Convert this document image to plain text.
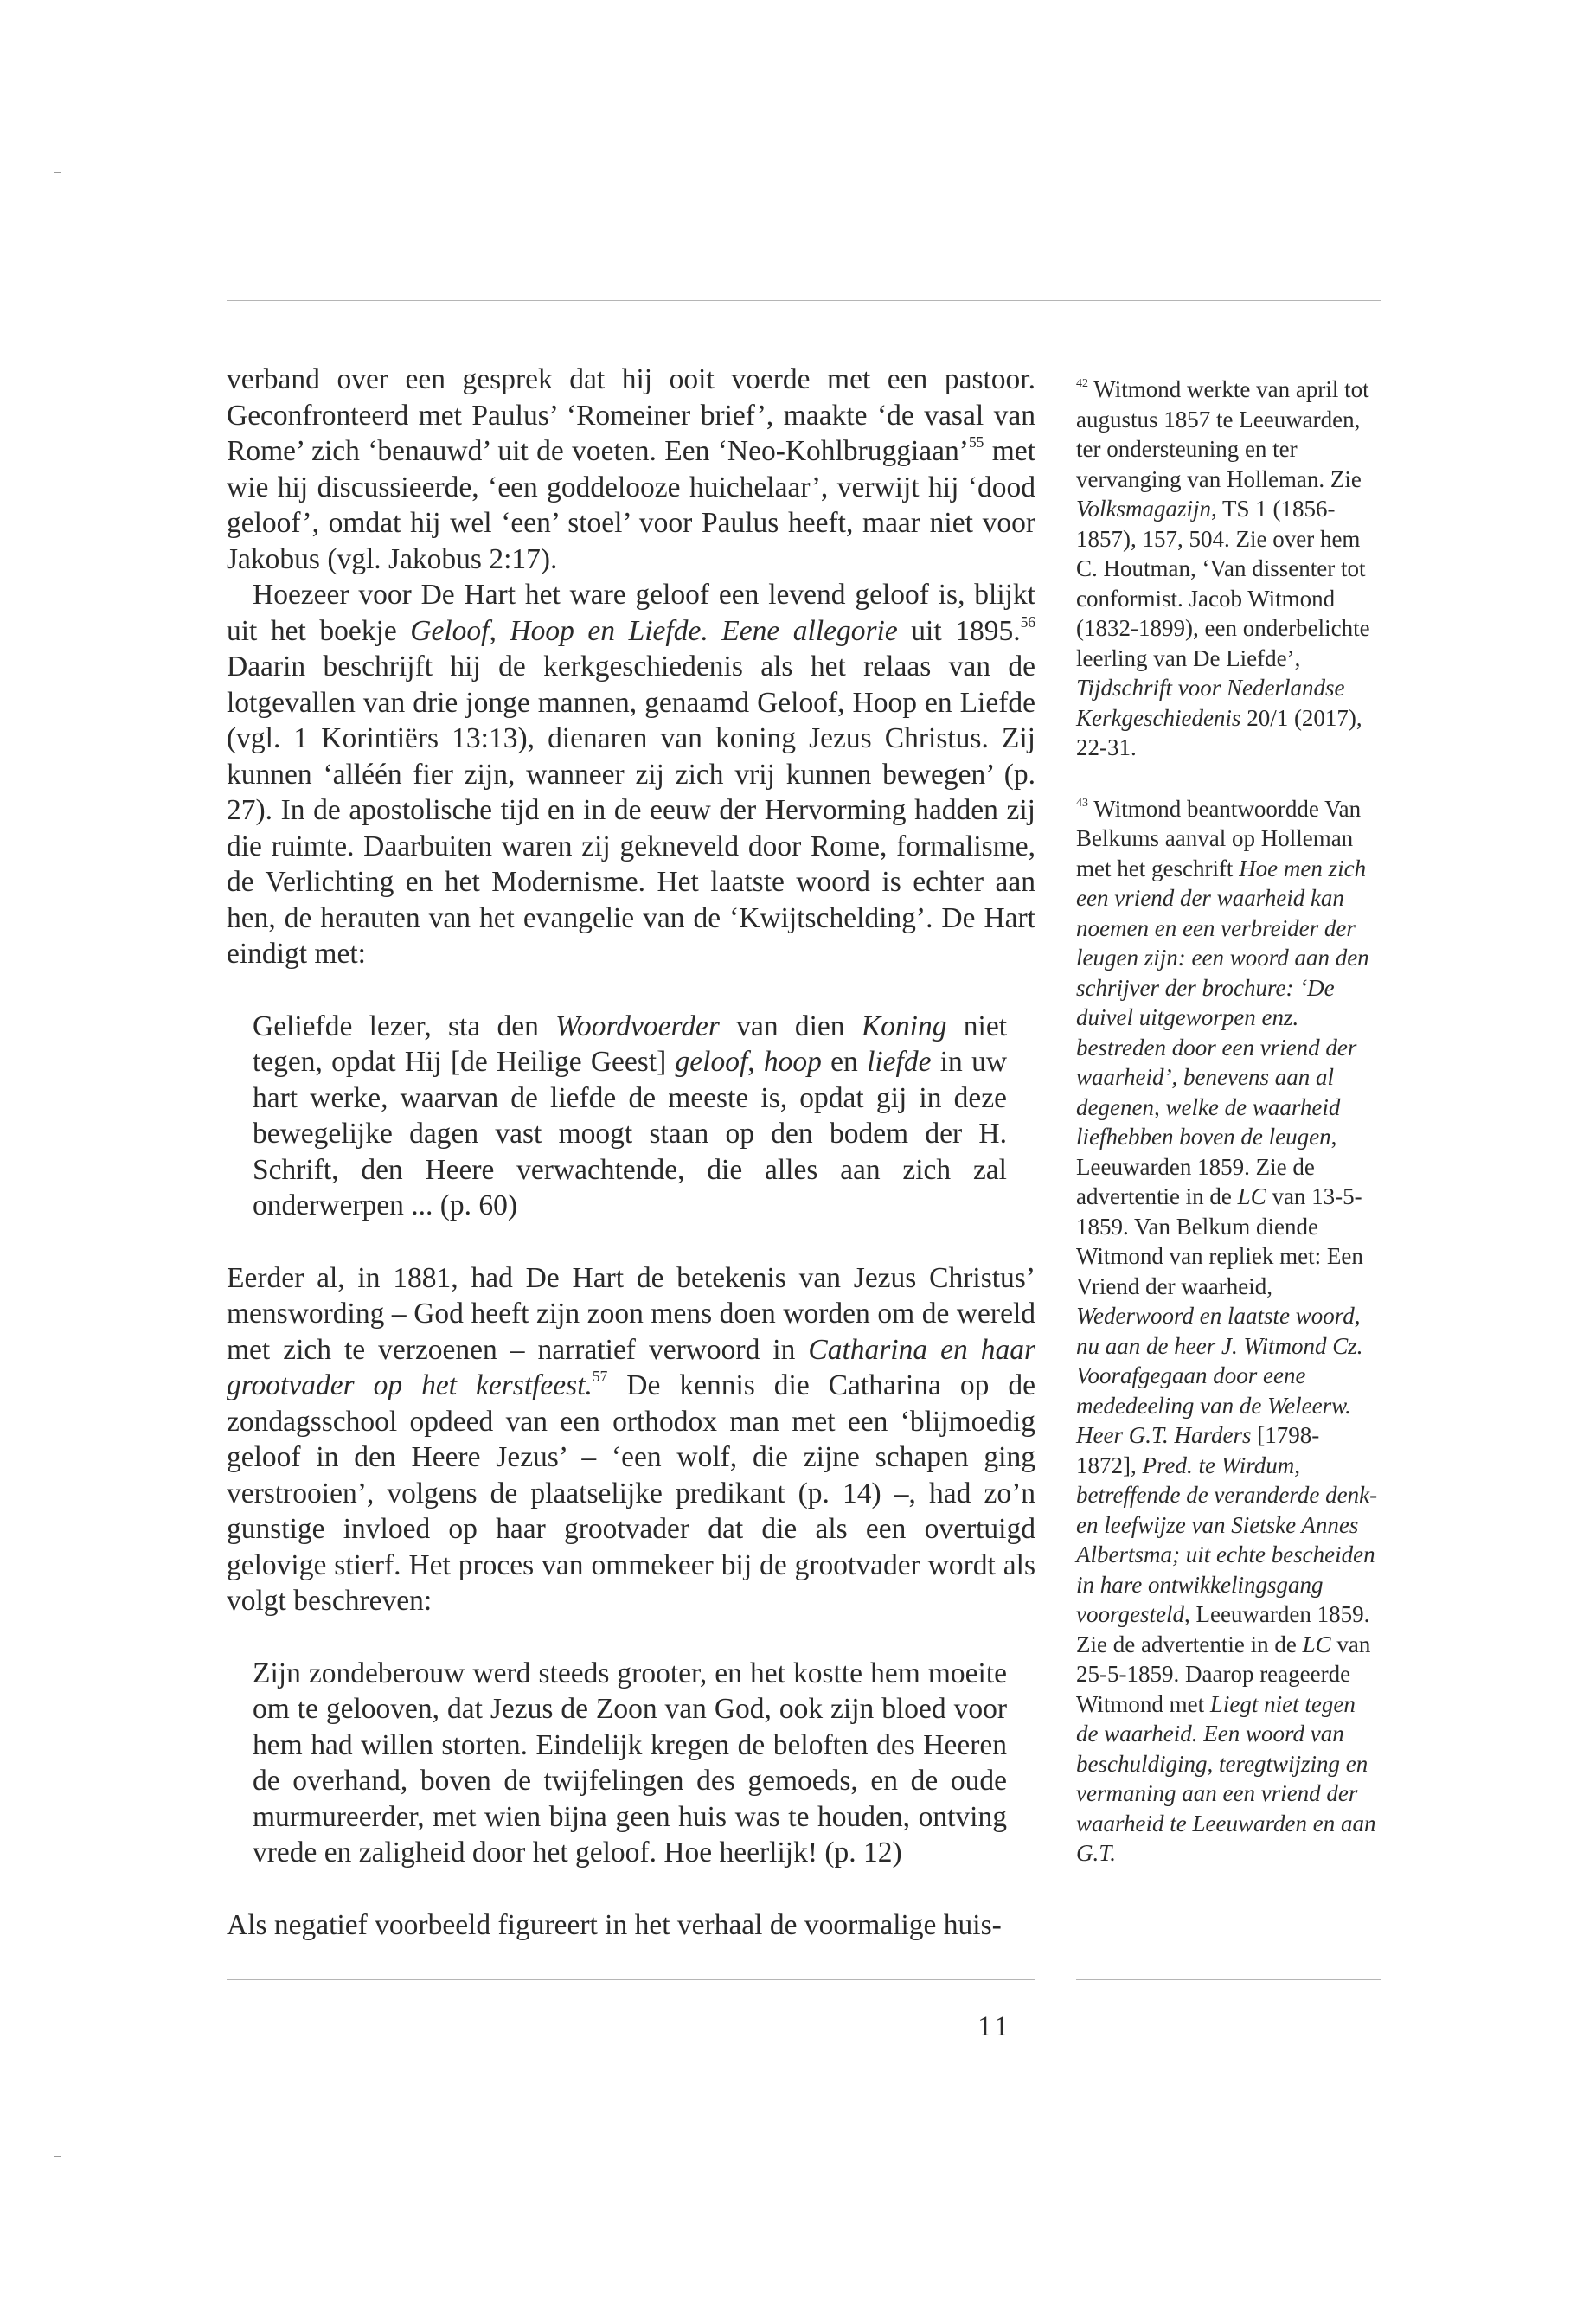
verband over een gesprek dat hij ooit voerde met een pastoor. Geconfronteerd met Paulus’ ‘Romeiner brief’, maakte ‘de vasal van Rome’ zich ‘benauwd’ uit de voeten. Een ‘Neo-Kohlbruggiaan’$^{55}$ met wie hij discussieerde, ‘een goddelooze huichelaar’, verwijt hij ‘dood geloof’, omdat hij wel ‘een’ stoel’ voor Paulus heeft, maar niet voor Jakobus (vgl. Jakobus 2:17).

Hoezeer voor De Hart het ware geloof een levend geloof is, blijkt uit het boekje Geloof, Hoop en Liefde. Eene allegorie uit 1895.56 Daarin beschrijft hij de kerkgeschiedenis als het relaas van de lotgevallen van drie jonge mannen, genaamd Geloof, Hoop en Liefde (vgl. 1 Korintiërs 13:13), dienaren van koning Jezus Christus. Zij kunnen ‘alléén fier zijn, wanneer zij zich vrij kunnen bewegen’ (p. 27). In de apostolische tijd en in de eeuw der Hervorming hadden zij die ruimte. Daarbuiten waren zij gekneveld door Rome, formalisme, de Verlichting en het Modernisme. Het laatste woord is echter aan hen, de herauten van het evangelie van de ‘Kwijtschelding’. De Hart eindigt met:

Geliefde lezer, sta den Woordvoerder van dien Koning niet tegen, opdat Hij [de Heilige Geest] geloof, hoop en liefde in uw hart werke, waarvan de liefde de meeste is, opdat gij in deze bewegelijke dagen vast moogt staan op den bodem der H. Schrift, den Heere verwachtende, die alles aan zich zal onderwerpen ... (p. 60)

Eerder al, in 1881, had De Hart de betekenis van Jezus Christus’ menswording – God heeft zijn zoon mens doen worden om de wereld met zich te verzoenen – narratief verwoord in Catharina en haar grootvader op het kerstfeest.$^{57}$ De kennis die Catharina op de zondagsschool opdeed van een orthodox man met een ‘blijmoedig geloof in den Heere Jezus’ – ‘een wolf, die zijne schapen ging verstrooien’, volgens de plaatselijke predikant (p. 14) –, had zo’n gunstige invloed op haar grootvader dat die als een overtuigd gelovige stierf. Het proces van ommekeer bij de grootvader wordt als volgt beschreven:

Zijn zondeberouw werd steeds grooter, en het kostte hem moeite om te gelooven, dat Jezus de Zoon van God, ook zijn bloed voor hem had willen storten. Eindelijk kregen de beloften des Heeren de overhand, boven de twijfelingen des gemoeds, en de oude murmureerder, met wien bijna geen huis was te houden, ontving vrede en zaligheid door het geloof. Hoe heerlijk! (p. 12)

Als negatief voorbeeld figureert in het verhaal de voormalige huis-

$^{42}$ Witmond werkte van april tot augustus 1857 te Leeuwarden, ter ondersteuning en ter vervanging van Holleman. Zie Volksmagazijn, TS 1 (1856-1857), 157, 504. Zie over hem C. Houtman, ‘Van dissenter tot conformist. Jacob Witmond (1832-1899), een onderbelichte leerling van De Liefde’, Tijdschrift voor Nederlandse Kerkgeschiedenis 20/1 (2017), 22-31.

$^{43}$ Witmond beantwoordde Van Belkums aanval op Holleman met het geschrift Hoe men zich een vriend der waarheid kan noemen en een verbreider der leugen zijn: een woord aan den schrijver der brochure: ‘De duivel uitgeworpen enz. bestreden door een vriend der waarheid’, benevens aan al degenen, welke de waarheid liefhebben boven de leugen, Leeuwarden 1859. Zie de advertentie in de LC van 13-5-1859. Van Belkum diende Witmond van repliek met: Een Vriend der waarheid, Wederwoord en laatste woord, nu aan de heer J. Witmond Cz. Voorafgegaan door eene mededeeling van de Weleerw. Heer G.T. Harders [1798-1872], Pred. te Wirdum, betreffende de veranderde denk- en leefwijze van Sietske Annes Albertsma; uit echte bescheiden in hare ontwikkelingsgang voorgesteld, Leeuwarden 1859. Zie de advertentie in de LC van 25-5-1859. Daarop reageerde Witmond met Liegt niet tegen de waarheid. Een woord van beschuldiging, teregtwijzing en vermaning aan een vriend der waarheid te Leeuwarden en aan G.T.

11
